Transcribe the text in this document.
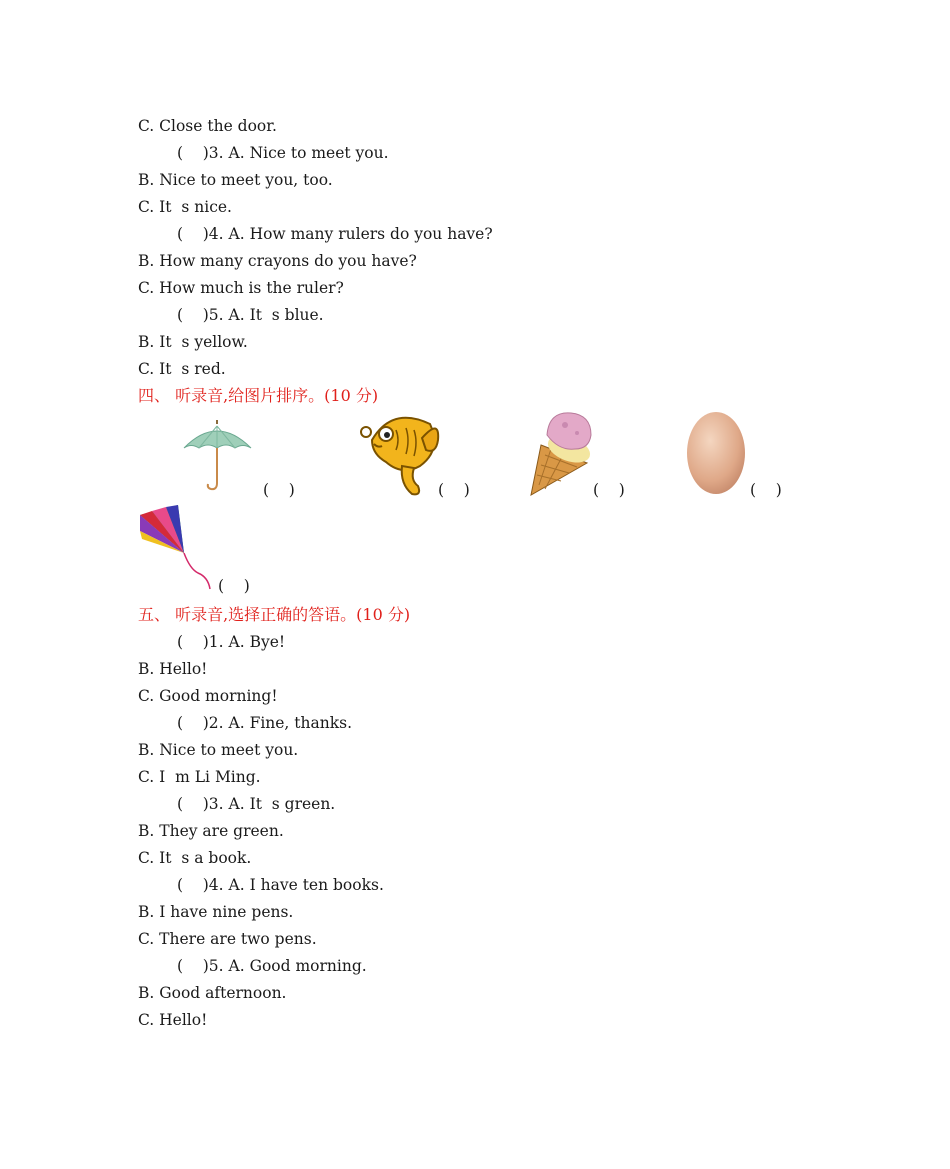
C. Close the door.
(    )3. A. Nice to meet you.
B. Nice to meet you, too.
C. It  s nice.
(    )4. A. How many rulers do you have?
B. How many crayons do you have?
C. How much is the ruler?
(    )5. A. It  s blue.
B. It  s yellow.
C. It  s red.
四、 听录音,给图片排序。(10 分)
(    )	(    )	(    )	(    )
(    )
五、 听录音,选择正确的答语。(10 分)
(    )1. A. Bye!
B. Hello!
C. Good morning!
(    )2. A. Fine, thanks.
B. Nice to meet you.
C. I  m Li Ming.
(    )3. A. It  s green.
B. They are green.
C. It  s a book.
(    )4. A. I have ten books.
B. I have nine pens.
C. There are two pens.
(    )5. A. Good morning.
B. Good afternoon.
C. Hello!
